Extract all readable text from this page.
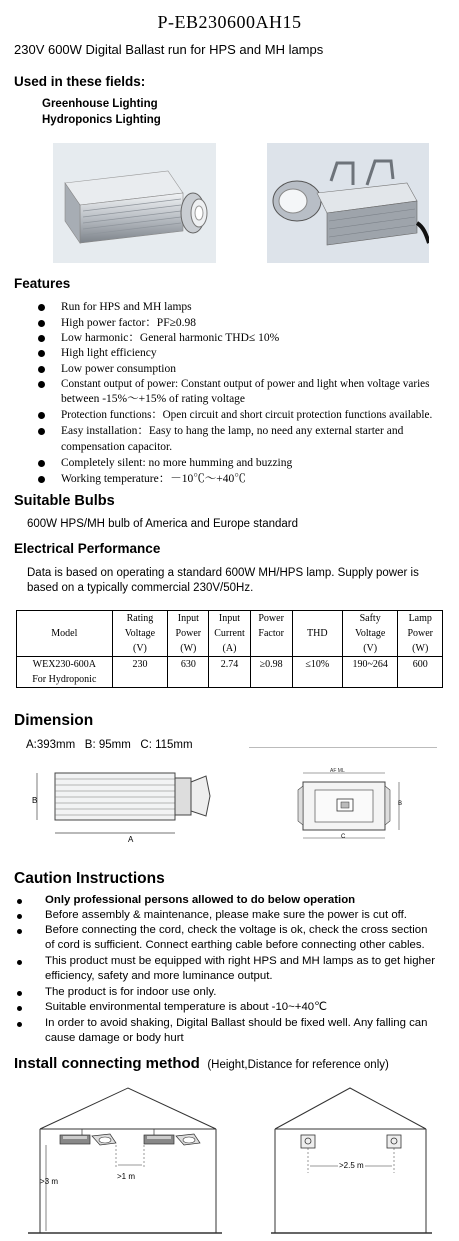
P-EB230600AH15
230V 600W Digital Ballast run for HPS and MH lamps
Used in these fields:
Greenhouse Lighting
Hydroponics Lighting
Features
Run for HPS and MH lamps
High power factor：PF≥0.98
Low harmonic：General harmonic THD≤ 10%
High light efficiency
Low power consumption
Constant output of power: Constant output of power and light when voltage varies
between -15%～+15% of rating voltage
Protection functions：Open circuit and short circuit protection functions available.
Easy installation：Easy to hang the lamp, no need any external starter and
compensation capacitor.
Completely silent: no more humming and buzzing
Working temperature：－10℃～+40℃
Suitable Bulbs
600W HPS/MH bulb of America and Europe standard
Electrical Performance
Data is based on operating a standard 600W MH/HPS lamp. Supply power is
based on a typically commercial 230V/50Hz.
Model	Rating
Voltage
(V)	Input
Power
(W)	Input
Current
(A)	Power
Factor	THD	Safty
Voltage
(V)	Lamp
Power
(W)
WEX230-600A
For Hydroponic	230	630	2.74	≥0.98	≤10%	190~264	600
Dimension
A:393mm   B: 95mm   C: 115mm
B
A
AF ML
B
C
Caution Instructions
Only professional persons allowed to do below operation
Before assembly & maintenance, please make sure the power is cut off.
Before connecting the cord, check the voltage is ok, check the cross section
of cord is sufficient. Connect earthing cable before connecting other cables.
This product must be equipped with right HPS and MH lamps as to get higher
efficiency, safety and more luminance output.
The product is for indoor use only.
Suitable environmental temperature is about -10~+40℃
In order to avoid shaking, Digital Ballast should be fixed well. Any falling can
cause damage or body hurt
Install connecting method (Height,Distance for reference only)
>3 m
>1 m
>2.5 m
